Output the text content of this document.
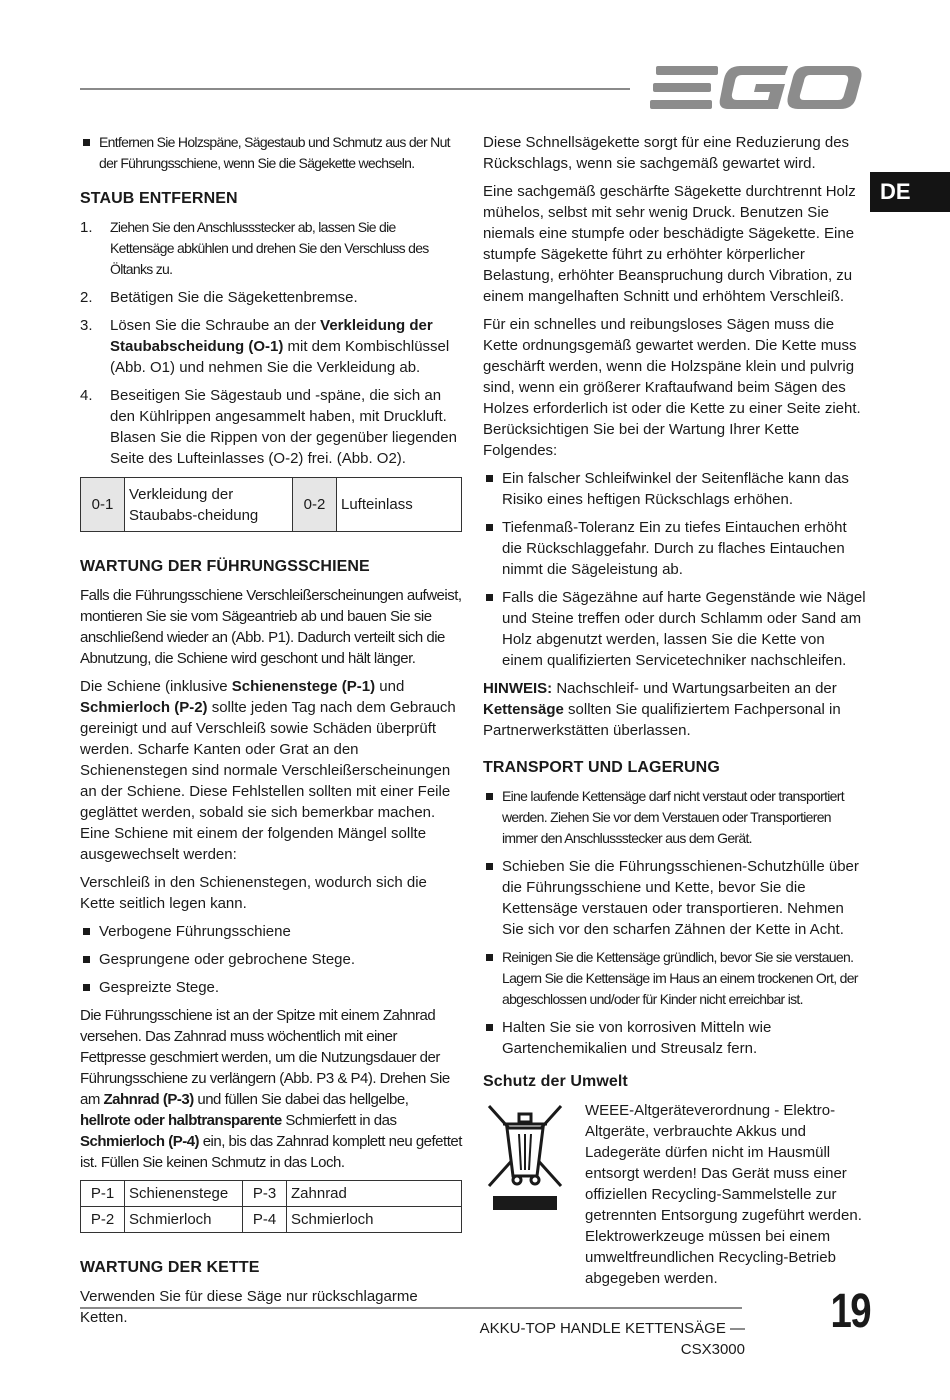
EGO
DE
Entfernen Sie Holzspäne, Sägestaub und Schmutz aus der Nut der Führungsschiene, wenn Sie die Sägekette wechseln.
STAUB ENTFERNEN
1.	Ziehen Sie den Anschlussstecker ab, lassen Sie die Kettensäge abkühlen und drehen Sie den Verschluss des Öltanks zu.
2.	Betätigen Sie die Sägekettenbremse.
3.	Lösen Sie die Schraube an der Verkleidung der Staubabscheidung (O-1) mit dem Kombischlüssel (Abb. O1) und nehmen Sie die Verkleidung ab.
4.	Beseitigen Sie Sägestaub und -späne, die sich an den Kühlrippen angesammelt haben, mit Druckluft. Blasen Sie die Rippen von der gegenüber liegenden Seite des Lufteinlasses (O-2) frei. (Abb. O2).
0-1	Verkleidung der Staubabs-cheidung	0-2	Lufteinlass
WARTUNG DER FÜHRUNGSSCHIENE

Falls die Führungsschiene Verschleißerscheinungen aufweist, montieren Sie sie vom Sägeantrieb ab und bauen Sie sie anschließend wieder an (Abb. P1). Dadurch verteilt sich die Abnutzung, die Schiene wird geschont und hält länger.

Die Schiene (inklusive Schienenstege (P-1) und Schmierloch (P-2) sollte jeden Tag nach dem Gebrauch gereinigt und auf Verschleiß sowie Schäden überprüft werden. Scharfe Kanten oder Grat an den Schienenstegen sind normale Verschleißerscheinungen an der Schiene. Diese Fehlstellen sollten mit einer Feile geglättet werden, sobald sie sich bemerkbar machen. Eine Schiene mit einem der folgenden Mängel sollte ausgewechselt werden:

Verschleiß in den Schienenstegen, wodurch sich die Kette seitlich legen kann.

Verbogene Führungsschiene
Gesprungene oder gebrochene Stege.
Gespreizte Stege.

Die Führungsschiene ist an der Spitze mit einem Zahnrad versehen. Das Zahnrad muss wöchentlich mit einer Fettpresse geschmiert werden, um die Nutzungsdauer der Führungsschiene zu verlängern (Abb. P3 & P4). Drehen Sie am Zahnrad (P-3) und füllen Sie dabei das hellgelbe, hellrote oder halbtransparente Schmierfett in das Schmierloch (P-4) ein, bis das Zahnrad komplett neu gefettet ist. Füllen Sie keinen Schmutz in das Loch.

P-1	Schienenstege	P-3	Zahnrad
P-2	Schmierloch	P-4	Schmierloch
WARTUNG DER KETTE

Verwenden Sie für diese Säge nur rückschlagarme Ketten.

Diese Schnellsägekette sorgt für eine Reduzierung des Rückschlags, wenn sie sachgemäß gewartet wird.

Eine sachgemäß geschärfte Sägekette durchtrennt Holz mühelos, selbst mit sehr wenig Druck. Benutzen Sie niemals eine stumpfe oder beschädigte Sägekette. Eine stumpfe Sägekette führt zu erhöhter körperlicher Belastung, erhöhter Beanspruchung durch Vibration, zu einem mangelhaften Schnitt und erhöhtem Verschleiß.

Für ein schnelles und reibungsloses Sägen muss die Kette ordnungsgemäß gewartet werden. Die Kette muss geschärft werden, wenn die Holzspäne klein und pulvrig sind, wenn ein größerer Kraftaufwand beim Sägen des Holzes erforderlich ist oder die Kette zu einer Seite zieht. Berücksichtigen Sie bei der Wartung Ihrer Kette Folgendes:

Ein falscher Schleifwinkel der Seitenfläche kann das Risiko eines heftigen Rückschlags erhöhen.
Tiefenmaß-Toleranz Ein zu tiefes Eintauchen erhöht die Rückschlaggefahr. Durch zu flaches Eintauchen nimmt die Sägeleistung ab.
Falls die Sägezähne auf harte Gegenstände wie Nägel und Steine treffen oder durch Schlamm oder Sand am Holz abgenutzt werden, lassen Sie die Kette von einem qualifizierten Servicetechniker nachschleifen.

HINWEIS: Nachschleif- und Wartungsarbeiten an der Kettensäge sollten Sie qualifiziertem Fachpersonal in Partnerwerkstätten überlassen.

TRANSPORT UND LAGERUNG
Eine laufende Kettensäge darf nicht verstaut oder transportiert werden. Ziehen Sie vor dem Verstauen oder Transportieren immer den Anschlussstecker aus dem Gerät.
Schieben Sie die Führungsschienen-Schutzhülle über die Führungsschiene und Kette, bevor Sie die Kettensäge verstauen oder transportieren. Nehmen Sie sich vor den scharfen Zähnen der Kette in Acht.
Reinigen Sie die Kettensäge gründlich, bevor Sie sie verstauen. Lagern Sie die Kettensäge im Haus an einem trockenen Ort, der abgeschlossen und/oder für Kinder nicht erreichbar ist.
Halten Sie sie von korrosiven Mitteln wie Gartenchemikalien und Streusalz fern.
Schutz der Umwelt
WEEE-Altgeräteverordnung - Elektro-Altgeräte, verbrauchte Akkus und Ladegeräte dürfen nicht im Hausmüll entsorgt werden! Das Gerät muss einer offiziellen Recycling-Sammelstelle zur getrennten Entsorgung zugeführt werden. Elektrowerkzeuge müssen bei einem umweltfreundlichen Recycling-Betrieb abgegeben werden.
AKKU-TOP HANDLE KETTENSÄGE — CSX3000
19
